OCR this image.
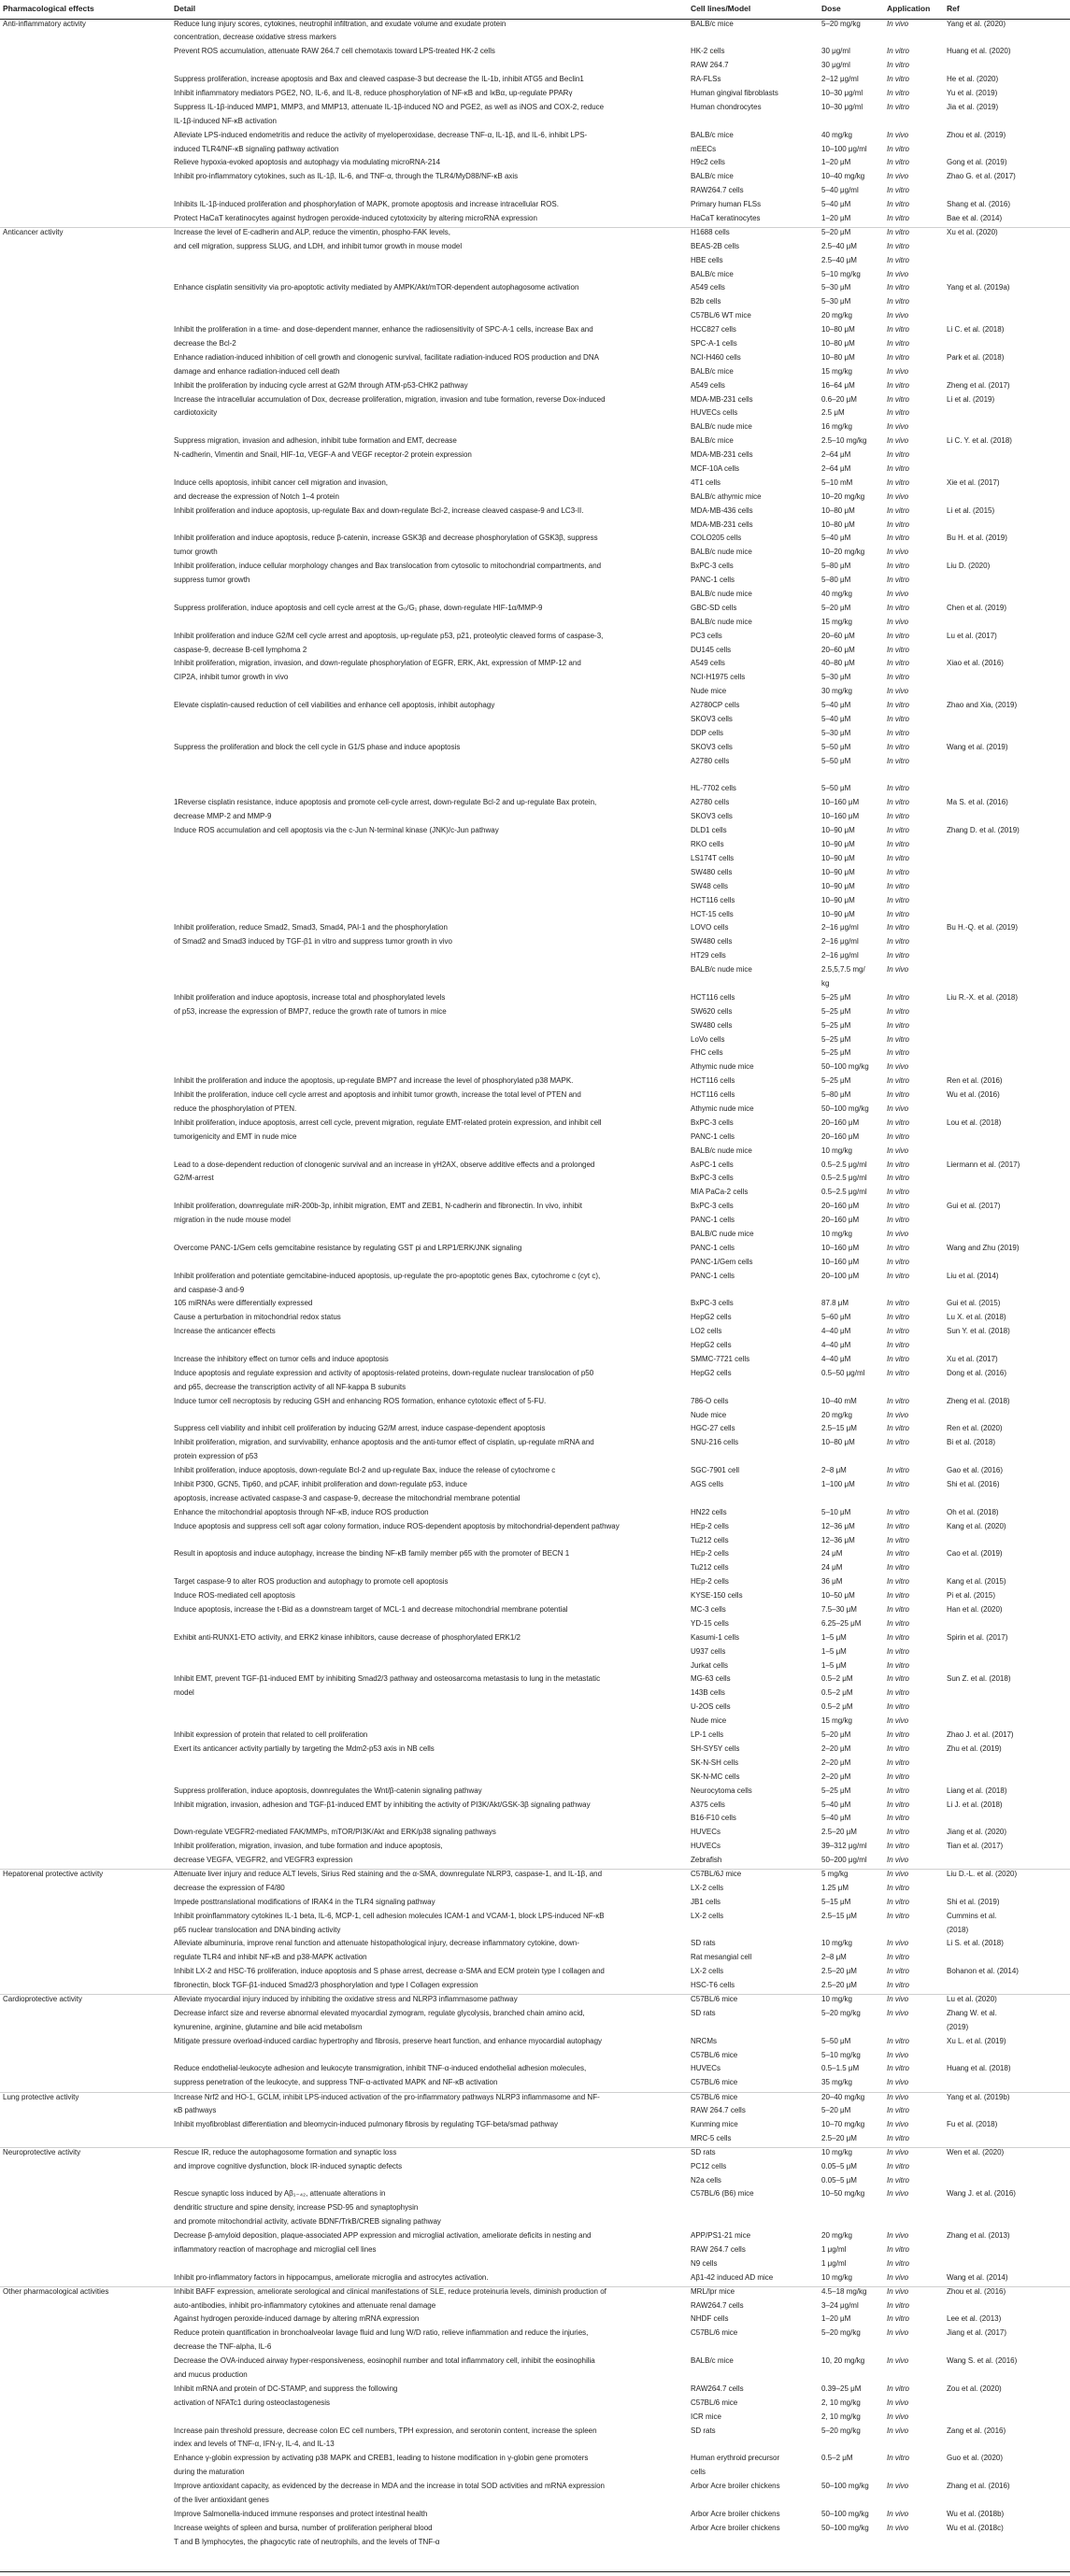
Pharmacological effects	Detail	Cell lines/Model	Dose	Application	Ref
Anti-inflammatory activity	Reduce lung injury scores, cytokines, neutrophil infiltration, and exudate volume and exudate protein	BALB/c mice	5–20 mg/kg	In vivo	Yang et al. (2020)
	concentration, decrease oxidative stress markers				
	Prevent ROS accumulation, attenuate RAW 264.7 cell chemotaxis toward LPS-treated HK-2 cells	HK-2 cells	30 μg/ml	In vitro	Huang et al. (2020)
		RAW 264.7	30 μg/ml	In vitro	
	Suppress proliferation, increase apoptosis and Bax and cleaved caspase-3 but decrease the IL-1b, inhibit ATG5 and Beclin1	RA-FLSs	2–12 μg/ml	In vitro	He et al. (2020)
	Inhibit inflammatory mediators PGE2, NO, IL-6, and IL-8, reduce phosphorylation of NF-κB and IκBα, up-regulate PPARγ	Human gingival fibroblasts	10–30 μg/ml	In vitro	Yu et al. (2019)
	Suppress IL-1β-induced MMP1, MMP3, and MMP13, attenuate IL-1β-induced NO and PGE2, as well as iNOS and COX-2, reduce	Human chondrocytes	10–30 μg/ml	In vitro	Jia et al. (2019)
	IL-1β-induced NF-κB activation				
	Alleviate LPS-induced endometritis and reduce the activity of myeloperoxidase, decrease TNF-α, IL-1β, and IL-6, inhibit LPS-	BALB/c mice	40 mg/kg	In vivo	Zhou et al. (2019)
	induced TLR4/NF-κB signaling pathway activation	mEECs	10–100 μg/ml	In vitro	
	Relieve hypoxia-evoked apoptosis and autophagy via modulating microRNA-214	H9c2 cells	1–20 μM	In vitro	Gong et al. (2019)
	Inhibit pro-inflammatory cytokines, such as IL-1β, IL-6, and TNF-α, through the TLR4/MyD88/NF-κB axis	BALB/c mice	10–40 mg/kg	In vivo	Zhao G. et al. (2017)
		RAW264.7 cells	5–40 μg/ml	In vitro	
	Inhibits IL-1β-induced proliferation and phosphorylation of MAPK, promote apoptosis and increase intracellular ROS.	Primary human FLSs	5–40 μM	In vitro	Shang et al. (2016)
	Protect HaCaT keratinocytes against hydrogen peroxide-induced cytotoxicity by altering microRNA expression	HaCaT keratinocytes	1–20 μM	In vitro	Bae et al. (2014)
Anticancer activity	Increase the level of E-cadherin and ALP, reduce the vimentin, phospho-FAK levels,	H1688 cells	5–20 μM	In vitro	Xu et al. (2020)
	and cell migration, suppress SLUG, and LDH, and inhibit tumor growth in mouse model	BEAS-2B cells	2.5–40 μM	In vitro	
		HBE cells	2.5–40 μM	In vitro	
		BALB/c mice	5–10 mg/kg	In vivo	
	Enhance cisplatin sensitivity via pro-apoptotic activity mediated by AMPK/Akt/mTOR-dependent autophagosome activation	A549 cells	5–30 μM	In vitro	Yang et al. (2019a)
		B2b cells	5–30 μM	In vitro	
		C57BL/6 WT mice	20 mg/kg	In vivo	
	Inhibit the proliferation in a time- and dose-dependent manner, enhance the radiosensitivity of SPC-A-1 cells, increase Bax and	HCC827 cells	10–80 μM	In vitro	Li C. et al. (2018)
	decrease the Bcl-2	SPC-A-1 cells	10–80 μM	In vitro	
	Enhance radiation-induced inhibition of cell growth and clonogenic survival, facilitate radiation-induced ROS production and DNA	NCI-H460 cells	10–80 μM	In vitro	Park et al. (2018)
	damage and enhance radiation-induced cell death	BALB/c mice	15 mg/kg	In vivo	
	Inhibit the proliferation by inducing cycle arrest at G2/M through ATM-p53-CHK2 pathway	A549 cells	16–64 μM	In vitro	Zheng et al. (2017)
	Increase the intracellular accumulation of Dox, decrease proliferation, migration, invasion and tube formation, reverse Dox-induced	MDA-MB-231 cells	0.6–20 μM	In vitro	Li et al. (2019)
	cardiotoxicity	HUVECs cells	2.5 μM	In vitro	
		BALB/c nude mice	16 mg/kg	In vivo	
	Suppress migration, invasion and adhesion, inhibit tube formation and EMT, decrease	BALB/c mice	2.5–10 mg/kg	In vivo	Li C. Y. et al. (2018)
	N-cadherin, Vimentin and Snail, HIF-1α, VEGF-A and VEGF receptor-2 protein expression	MDA-MB-231 cells	2–64 μM	In vitro	
		MCF-10A cells	2–64 μM	In vitro	
	Induce cells apoptosis, inhibit cancer cell migration and invasion,	4T1 cells	5–10 mM	In vitro	Xie et al. (2017)
	and decrease the expression of Notch 1–4 protein	BALB/c athymic mice	10–20 mg/kg	In vivo	
	Inhibit proliferation and induce apoptosis, up-regulate Bax and down-regulate Bcl-2, increase cleaved caspase-9 and LC3-II.	MDA-MB-436 cells	10–80 μM	In vitro	Li et al. (2015)
		MDA-MB-231 cells	10–80 μM	In vitro	
	Inhibit proliferation and induce apoptosis, reduce β-catenin, increase GSK3β and decrease phosphorylation of GSK3β, suppress	COLO205 cells	5–40 μM	In vitro	Bu H. et al. (2019)
	tumor growth	BALB/c nude mice	10–20 mg/kg	In vivo	
	Inhibit proliferation, induce cellular morphology changes and Bax translocation from cytosolic to mitochondrial compartments, and	BxPC-3 cells	5–80 μM	In vitro	Liu D. (2020)
	suppress tumor growth	PANC-1 cells	5–80 μM	In vitro	
		BALB/c nude mice	40 mg/kg	In vivo	
	Suppress proliferation, induce apoptosis and cell cycle arrest at the G₀/G₁ phase, down-regulate HIF-1α/MMP-9	GBC-SD cells	5–20 μM	In vitro	Chen et al. (2019)
		BALB/c nude mice	15 mg/kg	In vivo	
	Inhibit proliferation and induce G2/M cell cycle arrest and apoptosis, up-regulate p53, p21, proteolytic cleaved forms of caspase-3,	PC3 cells	20–60 μM	In vitro	Lu et al. (2017)
	caspase-9, decrease B-cell lymphoma 2	DU145 cells	20–60 μM	In vitro	
	Inhibit proliferation, migration, invasion, and down-regulate phosphorylation of EGFR, ERK, Akt, expression of MMP-12 and	A549 cells	40–80 μM	In vitro	Xiao et al. (2016)
	CIP2A, inhibit tumor growth in vivo	NCI-H1975 cells	5–30 μM	In vitro	
		Nude mice	30 mg/kg	In vivo	
	Elevate cisplatin-caused reduction of cell viabilities and enhance cell apoptosis, inhibit autophagy	A2780CP cells	5–40 μM	In vitro	Zhao and Xia, (2019)
		SKOV3 cells	5–40 μM	In vitro	
		DDP cells	5–30 μM	In vitro	
	Suppress the proliferation and block the cell cycle in G1/S phase and induce apoptosis	SKOV3 cells	5–50 μM	In vitro	Wang et al. (2019)
		A2780 cells	5–50 μM	In vitro	

		HL-7702 cells	5–50 μM	In vitro	
	1Reverse cisplatin resistance, induce apoptosis and promote cell-cycle arrest, down-regulate Bcl-2 and up-regulate Bax protein,	A2780 cells	10–160 μM	In vitro	Ma S. et al. (2016)
	decrease MMP-2 and MMP-9	SKOV3 cells	10–160 μM	In vitro	
	Induce ROS accumulation and cell apoptosis via the c-Jun N-terminal kinase (JNK)/c-Jun pathway	DLD1 cells	10–90 μM	In vitro	Zhang D. et al. (2019)
		RKO cells	10–90 μM	In vitro	
		LS174T cells	10–90 μM	In vitro	
		SW480 cells	10–90 μM	In vitro	
		SW48 cells	10–90 μM	In vitro	
		HCT116 cells	10–90 μM	In vitro	
		HCT-15 cells	10–90 μM	In vitro	
	Inhibit proliferation, reduce Smad2, Smad3, Smad4, PAI-1 and the phosphorylation	LOVO cells	2–16 μg/ml	In vitro	Bu H.-Q. et al. (2019)
	of Smad2 and Smad3 induced by TGF-β1 in vitro and suppress tumor growth in vivo	SW480 cells	2–16 μg/ml	In vitro	
		HT29 cells	2–16 μg/ml	In vitro	
		BALB/c nude mice	2.5,5,7.5 mg/	In vivo	
			kg		
	Inhibit proliferation and induce apoptosis, increase total and phosphorylated levels	HCT116 cells	5–25 μM	In vitro	Liu R.-X. et al. (2018)
	of p53, increase the expression of BMP7, reduce the growth rate of tumors in mice	SW620 cells	5–25 μM	In vitro	
		SW480 cells	5–25 μM	In vitro	
		LoVo cells	5–25 μM	In vitro	
		FHC cells	5–25 μM	In vitro	
		Athymic nude mice	50–100 mg/kg	In vivo	
	Inhibit the proliferation and induce the apoptosis, up-regulate BMP7 and increase the level of phosphorylated p38 MAPK.	HCT116 cells	5–25 μM	In vitro	Ren et al. (2016)
	Inhibit the proliferation, induce cell cycle arrest and apoptosis and inhibit tumor growth, increase the total level of PTEN and	HCT116 cells	5–80 μM	In vitro	Wu et al. (2016)
	reduce the phosphorylation of PTEN.	Athymic nude mice	50–100 mg/kg	In vivo	
	Inhibit proliferation, induce apoptosis, arrest cell cycle, prevent migration, regulate EMT-related protein expression, and inhibit cell	BxPC-3 cells	20–160 μM	In vitro	Lou et al. (2018)
	tumorigenicity and EMT in nude mice	PANC-1 cells	20–160 μM	In vitro	
		BALB/c nude mice	10 mg/kg	In vivo	
	Lead to a dose-dependent reduction of clonogenic survival and an increase in γH2AX, observe additive effects and a prolonged	AsPC-1 cells	0.5–2.5 μg/ml	In vitro	Liermann et al. (2017)
	G2/M-arrest	BxPC-3 cells	0.5–2.5 μg/ml	In vitro	
		MIA PaCa-2 cells	0.5–2.5 μg/ml	In vitro	
	Inhibit proliferation, downregulate miR-200b-3p, inhibit migration, EMT and ZEB1, N-cadherin and fibronectin. In vivo, inhibit	BxPC-3 cells	20–160 μM	In vitro	Gui et al. (2017)
	migration in the nude mouse model	PANC-1 cells	20–160 μM	In vitro	
		BALB/C nude mice	10 mg/kg	In vivo	
	Overcome PANC-1/Gem cells gemcitabine resistance by regulating GST pi and LRP1/ERK/JNK signaling	PANC-1 cells	10–160 μM	In vitro	Wang and Zhu (2019)
		PANC-1/Gem cells	10–160 μM	In vitro	
	Inhibit proliferation and potentiate gemcitabine-induced apoptosis, up-regulate the pro-apoptotic genes Bax, cytochrome c (cyt c),	PANC-1 cells	20–100 μM	In vitro	Liu et al. (2014)
	and caspase-3 and-9				
	105 miRNAs were differentially expressed	BxPC-3 cells	87.8 μM	In vitro	Gui et al. (2015)
	Cause a perturbation in mitochondrial redox status	HepG2 cells	5–60 μM	In vitro	Lu X. et al. (2018)
	Increase the anticancer effects	LO2 cells	4–40 μM	In vitro	Sun Y. et al. (2018)
		HepG2 cells	4–40 μM	In vitro	
	Increase the inhibitory effect on tumor cells and induce apoptosis	SMMC-7721 cells	4–40 μM	In vitro	Xu et al. (2017)
	Induce apoptosis and regulate expression and activity of apoptosis-related proteins, down-regulate nuclear translocation of p50	HepG2 cells	0.5–50 μg/ml	In vitro	Dong et al. (2016)
	and p65, decrease the transcription activity of all NF-kappa B subunits				
	Induce tumor cell necroptosis by reducing GSH and enhancing ROS formation, enhance cytotoxic effect of 5-FU.	786-O cells	10–40 mM	In vitro	Zheng et al. (2018)
		Nude mice	20 mg/kg	In vivo	
	Suppress cell viability and inhibit cell proliferation by inducing G2/M arrest, induce caspase-dependent apoptosis	HGC-27 cells	2.5–15 μM	In vitro	Ren et al. (2020)
	Inhibit proliferation, migration, and survivability, enhance apoptosis and the anti-tumor effect of cisplatin, up-regulate mRNA and	SNU-216 cells	10–80 μM	In vitro	Bi et al. (2018)
	protein expression of p53				
	Inhibit proliferation, induce apoptosis, down-regulate Bcl-2 and up-regulate Bax, induce the release of cytochrome c	SGC-7901 cell	2–8 μM	In vitro	Gao et al. (2016)
	Inhibit P300, GCN5, Tip60, and pCAF, inhibit proliferation and down-regulate p53, induce	AGS cells	1–100 μM	In vitro	Shi et al. (2016)
	apoptosis, increase activated caspase-3 and caspase-9, decrease the mitochondrial membrane potential				
	Enhance the mitochondrial apoptosis through NF-κB, induce ROS production	HN22 cells	5–10 μM	In vitro	Oh et al. (2018)
	Induce apoptosis and suppress cell soft agar colony formation, induce ROS-dependent apoptosis by mitochondrial-dependent pathway	HEp-2 cells	12–36 μM	In vitro	Kang et al. (2020)
		Tu212 cells	12–36 μM	In vitro	
	Result in apoptosis and induce autophagy, increase the binding NF-κB family member p65 with the promoter of BECN 1	HEp-2 cells	24 μM	In vitro	Cao et al. (2019)
		Tu212 cells	24 μM	In vitro	
	Target caspase-9 to alter ROS production and autophagy to promote cell apoptosis	HEp-2 cells	36 μM	In vitro	Kang et al. (2015)
	Induce ROS-mediated cell apoptosis	KYSE-150 cells	10–50 μM	In vitro	Pi et al. (2015)
	Induce apoptosis, increase the t-Bid as a downstream target of MCL-1 and decrease mitochondrial membrane potential	MC-3 cells	7.5–30 μM	In vitro	Han et al. (2020)
		YD-15 cells	6.25–25 μM	In vitro	
	Exhibit anti-RUNX1-ETO activity, and ERK2 kinase inhibitors, cause decrease of phosphorylated ERK1/2	Kasumi-1 cells	1–5 μM	In vitro	Spirin et al. (2017)
		U937 cells	1–5 μM	In vitro	
		Jurkat cells	1–5 μM	In vitro	
	Inhibit EMT, prevent TGF-β1-induced EMT by inhibiting Smad2/3 pathway and osteosarcoma metastasis to lung in the metastatic	MG-63 cells	0.5–2 μM	In vitro	Sun Z. et al. (2018)
	model	143B cells	0.5–2 μM	In vitro	
		U-2OS cells	0.5–2 μM	In vitro	
		Nude mice	15 mg/kg	In vivo	
	Inhibit expression of protein that related to cell proliferation	LP-1 cells	5–20 μM	In vitro	Zhao J. et al. (2017)
	Exert its anticancer activity partially by targeting the Mdm2-p53 axis in NB cells	SH-SY5Y cells	2–20 μM	In vitro	Zhu et al. (2019)
		SK-N-SH cells	2–20 μM	In vitro	
		SK-N-MC cells	2–20 μM	In vitro	
	Suppress proliferation, induce apoptosis, downregulates the Wnt/β-catenin signaling pathway	Neurocytoma cells	5–25 μM	In vitro	Liang et al. (2018)
	Inhibit migration, invasion, adhesion and TGF-β1-induced EMT by inhibiting the activity of PI3K/Akt/GSK-3β signaling pathway	A375 cells	5–40 μM	In vitro	Li J. et al. (2018)
		B16-F10 cells	5–40 μM	In vitro	
	Down-regulate VEGFR2-mediated FAK/MMPs, mTOR/PI3K/Akt and ERK/p38 signaling pathways	HUVECs	2.5–20 μM	In vitro	Jiang et al. (2020)
	Inhibit proliferation, migration, invasion, and tube formation and induce apoptosis,	HUVECs	39–312 μg/ml	In vitro	Tian et al. (2017)
	decrease VEGFA, VEGFR2, and VEGFR3 expression	Zebrafish	50–200 μg/ml	In vivo	
Hepatorenal protective activity	Attenuate liver injury and reduce ALT levels, Sirius Red staining and the α-SMA, downregulate NLRP3, caspase-1, and IL-1β, and	C57BL/6J mice	5 mg/kg	In vivo	Liu D.-L. et al. (2020)
	decrease the expression of F4/80	LX-2 cells	1.25 μM	In vitro	
	Impede posttranslational modifications of IRAK4 in the TLR4 signaling pathway	JB1 cells	5–15 μM	In vitro	Shi et al. (2019)
	Inhibit proinflammatory cytokines IL-1 beta, IL-6, MCP-1, cell adhesion molecules ICAM-1 and VCAM-1, block LPS-induced NF-κB	LX-2 cells	2.5–15 μM	In vitro	Cummins et al.
	p65 nuclear translocation and DNA binding activity				(2018)
	Alleviate albuminuria, improve renal function and attenuate histopathological injury, decrease inflammatory cytokine, down-	SD rats	10 mg/kg	In vivo	Li S. et al. (2018)
	regulate TLR4 and inhibit NF-κB and p38-MAPK activation	Rat mesangial cell	2–8 μM	In vitro	
	Inhibit LX-2 and HSC-T6 proliferation, induce apoptosis and S phase arrest, decrease α-SMA and ECM protein type I collagen and	LX-2 cells	2.5–20 μM	In vitro	Bohanon et al. (2014)
	fibronectin, block TGF-β1-induced Smad2/3 phosphorylation and type I Collagen expression	HSC-T6 cells	2.5–20 μM	In vitro	
Cardioprotective activity	Alleviate myocardial injury induced by inhibiting the oxidative stress and NLRP3 inflammasome pathway	C57BL/6 mice	10 mg/kg	In vivo	Lu et al. (2020)
	Decrease infarct size and reverse abnormal elevated myocardial zymogram, regulate glycolysis, branched chain amino acid,	SD rats	5–20 mg/kg	In vivo	Zhang W. et al.
	kynurenine, arginine, glutamine and bile acid metabolism				(2019)
	Mitigate pressure overload-induced cardiac hypertrophy and fibrosis, preserve heart function, and enhance myocardial autophagy	NRCMs	5–50 μM	In vitro	Xu L. et al. (2019)
		C57BL/6 mice	5–10 mg/kg	In vivo	
	Reduce endothelial-leukocyte adhesion and leukocyte transmigration, inhibit TNF-α-induced endothelial adhesion molecules,	HUVECs	0.5–1.5 μM	In vitro	Huang et al. (2018)
	suppress penetration of the leukocyte, and suppress TNF-α-activated MAPK and NF-κB activation	C57BL/6 mice	35 mg/kg	In vivo	
Lung protective activity	Increase Nrf2 and HO-1, GCLM, inhibit LPS-induced activation of the pro-inflammatory pathways NLRP3 inflammasome and NF-	C57BL/6 mice	20–40 mg/kg	In vivo	Yang et al. (2019b)
	κB pathways	RAW 264.7 cells	5–20 μM	In vitro	
	Inhibit myofibroblast differentiation and bleomycin-induced pulmonary fibrosis by regulating TGF-beta/smad pathway	Kunming mice	10–70 mg/kg	In vivo	Fu et al. (2018)
		MRC-5 cells	2.5–20 μM	In vitro	
Neuroprotective activity	Rescue IR, reduce the autophagosome formation and synaptic loss	SD rats	10 mg/kg	In vivo	Wen et al. (2020)
	and improve cognitive dysfunction, block IR-induced synaptic defects	PC12 cells	0.05–5 μM	In vitro	
		N2a cells	0.05–5 μM	In vitro	
	Rescue synaptic loss induced by Aβ₁₋₄₂, attenuate alterations in	C57BL/6 (B6) mice	10–50 mg/kg	In vivo	Wang J. et al. (2016)
	dendritic structure and spine density, increase PSD-95 and synaptophysin				
	and promote mitochondrial activity, activate BDNF/TrkB/CREB signaling pathway				
	Decrease β-amyloid deposition, plaque-associated APP expression and microglial activation, ameliorate deficits in nesting and	APP/PS1-21 mice	20 mg/kg	In vivo	Zhang et al. (2013)
	inflammatory reaction of macrophage and microglial cell lines	RAW 264.7 cells	1 μg/ml	In vitro	
		N9 cells	1 μg/ml	In vitro	
	Inhibit pro-inflammatory factors in hippocampus, ameliorate microglia and astrocytes activation.	Aβ1-42 induced AD mice	10 mg/kg	In vivo	Wang et al. (2014)
Other pharmacological activities	Inhibit BAFF expression, ameliorate serological and clinical manifestations of SLE, reduce proteinuria levels, diminish production of	MRL/lpr mice	4.5–18 mg/kg	In vivo	Zhou et al. (2016)
	auto-antibodies, inhibit pro-inflammatory cytokines and attenuate renal damage	RAW264.7 cells	3–24 μg/ml	In vitro	
	Against hydrogen peroxide-induced damage by altering mRNA expression	NHDF cells	1–20 μM	In vitro	Lee et al. (2013)
	Reduce protein quantification in bronchoalveolar lavage fluid and lung W/D ratio, relieve inflammation and reduce the injuries,	C57BL/6 mice	5–20 mg/kg	In vivo	Jiang et al. (2017)
	decrease the TNF-alpha, IL-6				
	Decrease the OVA-induced airway hyper-responsiveness, eosinophil number and total inflammatory cell, inhibit the eosinophilia	BALB/c mice	10, 20 mg/kg	In vivo	Wang S. et al. (2016)
	and mucus production				
	Inhibit mRNA and protein of DC-STAMP, and suppress the following	RAW264.7 cells	0.39–25 μM	In vitro	Zou et al. (2020)
	activation of NFATc1 during osteoclastogenesis	C57BL/6 mice	2, 10 mg/kg	In vivo	
		ICR mice	2, 10 mg/kg	In vivo	
	Increase pain threshold pressure, decrease colon EC cell numbers, TPH expression, and serotonin content, increase the spleen	SD rats	5–20 mg/kg	In vivo	Zang et al. (2016)
	index and levels of TNF-α, IFN-γ, IL-4, and IL-13				
	Enhance γ-globin expression by activating p38 MAPK and CREB1, leading to histone modification in γ-globin gene promoters	Human erythroid precursor	0.5–2 μM	In vitro	Guo et al. (2020)
	during the maturation	cells			
	Improve antioxidant capacity, as evidenced by the decrease in MDA and the increase in total SOD activities and mRNA expression	Arbor Acre broiler chickens	50–100 mg/kg	In vivo	Zhang et al. (2016)
	of the liver antioxidant genes				
	Improve Salmonella-induced immune responses and protect intestinal health	Arbor Acre broiler chickens	50–100 mg/kg	In vivo	Wu et al. (2018b)
	Increase weights of spleen and bursa, number of proliferation peripheral blood	Arbor Acre broiler chickens	50–100 mg/kg	In vivo	Wu et al. (2018c)
	T and B lymphocytes, the phagocytic rate of neutrophils, and the levels of TNF-α				
